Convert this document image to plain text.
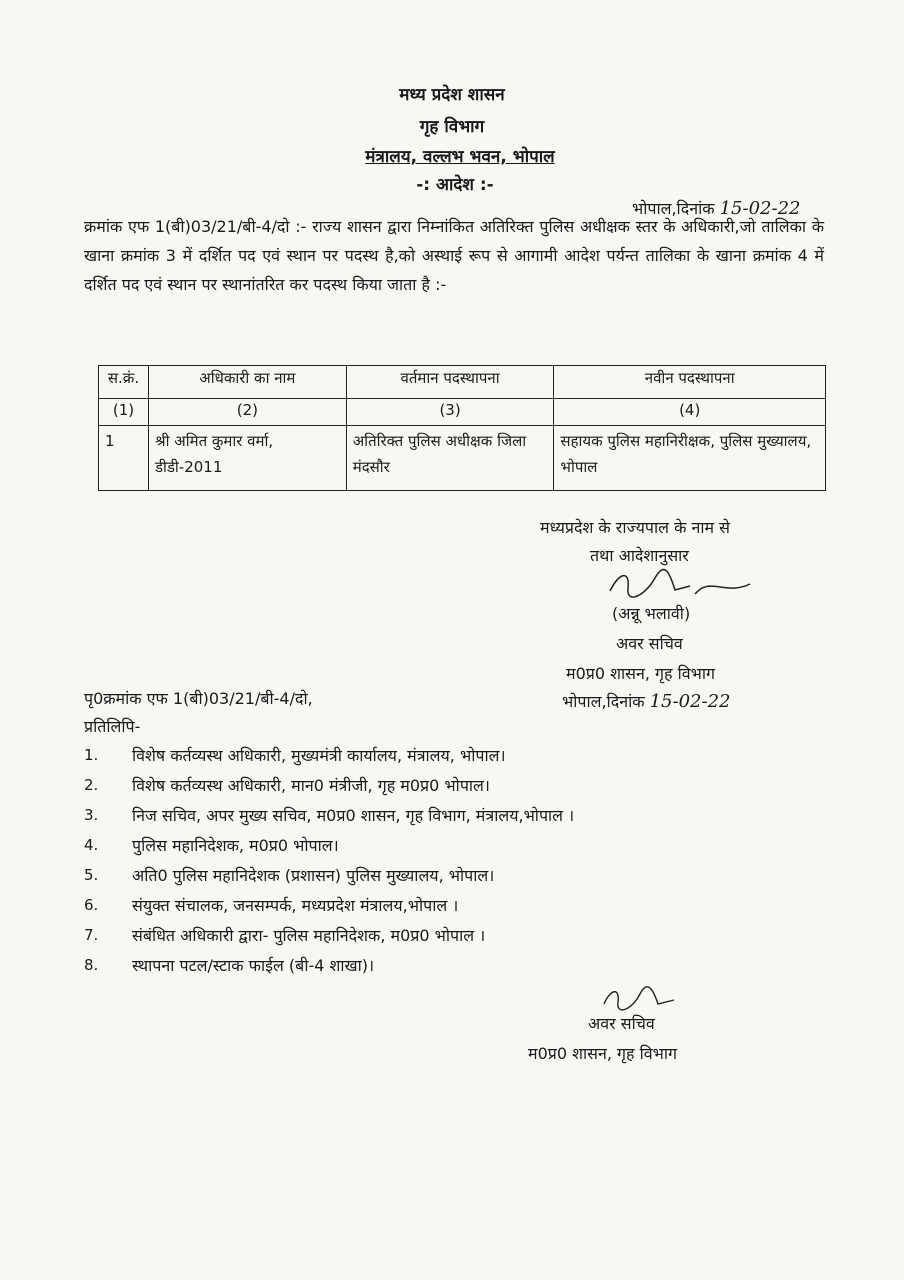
मध्य प्रदेश शासन
गृह विभाग
मंत्रालय, वल्लभ भवन, भोपाल
-: आदेश :-
भोपाल,दिनांक 15-02-22
क्रमांक एफ 1(बी)03/21/बी-4/दो :- राज्य शासन द्वारा निम्नांकित अतिरिक्त पुलिस अधीक्षक स्तर के अधिकारी,जो तालिका के खाना क्रमांक 3 में दर्शित पद एवं स्थान पर पदस्थ है,को अस्थाई रूप से आगामी आदेश पर्यन्त तालिका के खाना क्रमांक 4 में दर्शित पद एवं स्थान पर स्थानांतरित कर पदस्थ किया जाता है :-
स.क्रं.	अधिकारी का नाम	वर्तमान पदस्थापना	नवीन पदस्थापना
(1)	(2)	(3)	(4)
1	श्री अमित कुमार वर्मा, डीडी-2011	अतिरिक्त पुलिस अधीक्षक जिला मंदसौर	सहायक पुलिस महानिरीक्षक, पुलिस मुख्यालय, भोपाल
मध्यप्रदेश के राज्यपाल के नाम से
तथा आदेशानुसार
(अन्नू भलावी)
अवर सचिव
म0प्र0 शासन, गृह विभाग
भोपाल,दिनांक 15-02-22
पृ0क्रमांक एफ 1(बी)03/21/बी-4/दो,
प्रतिलिपि-
1. विशेष कर्तव्यस्थ अधिकारी, मुख्यमंत्री कार्यालय, मंत्रालय, भोपाल।
2. विशेष कर्तव्यस्थ अधिकारी, मान0 मंत्रीजी, गृह म0प्र0 भोपाल।
3. निज सचिव, अपर मुख्य सचिव, म0प्र0 शासन, गृह विभाग, मंत्रालय,भोपाल ।
4. पुलिस महानिदेशक, म0प्र0 भोपाल।
5. अति0 पुलिस महानिदेशक (प्रशासन) पुलिस मुख्यालय, भोपाल।
6. संयुक्त संचालक, जनसम्पर्क, मध्यप्रदेश मंत्रालय,भोपाल ।
7. संबंधित अधिकारी द्वारा- पुलिस महानिदेशक, म0प्र0 भोपाल ।
8. स्थापना पटल/स्टाक फाईल (बी-4 शाखा)।
अवर सचिव
म0प्र0 शासन, गृह विभाग
